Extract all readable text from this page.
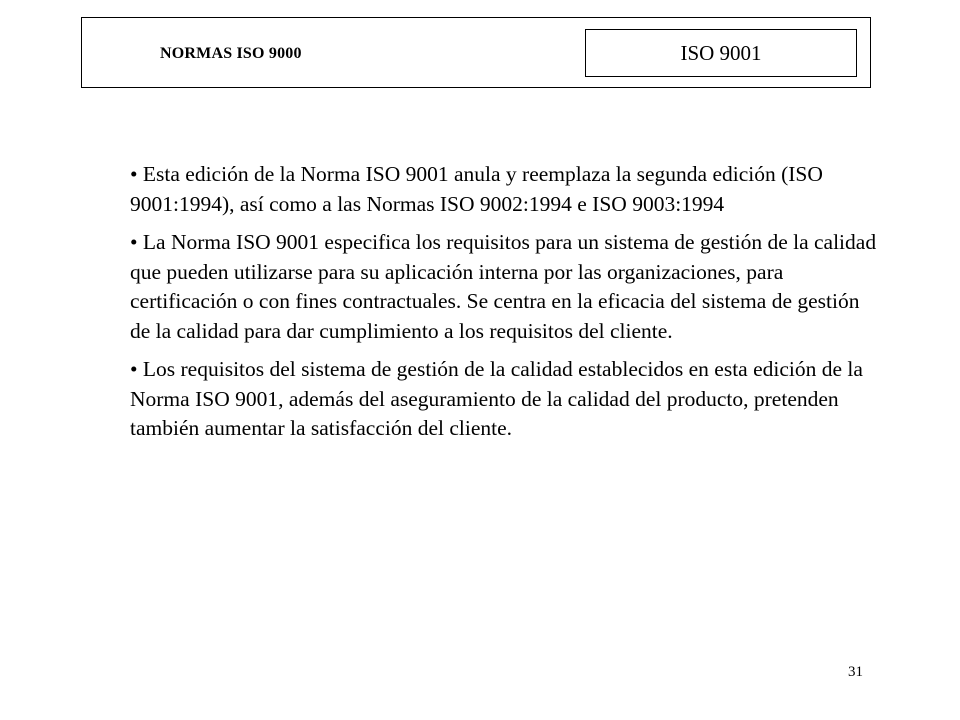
NORMAS ISO 9000	ISO 9001

• Esta edición de la Norma ISO 9001 anula y reemplaza la segunda edición (ISO 9001:1994), así como a las Normas ISO 9002:1994 e ISO 9003:1994

• La Norma ISO 9001 especifica los requisitos para un sistema de gestión de la calidad que pueden utilizarse para su aplicación interna por las organizaciones, para certificación o con fines contractuales. Se centra en la eficacia del sistema de gestión de la calidad para dar cumplimiento a los requisitos del cliente.

• Los requisitos del sistema de gestión de la calidad establecidos en esta edición de la Norma ISO 9001, además del aseguramiento de la calidad del producto, pretenden también aumentar la satisfacción del cliente.

31
